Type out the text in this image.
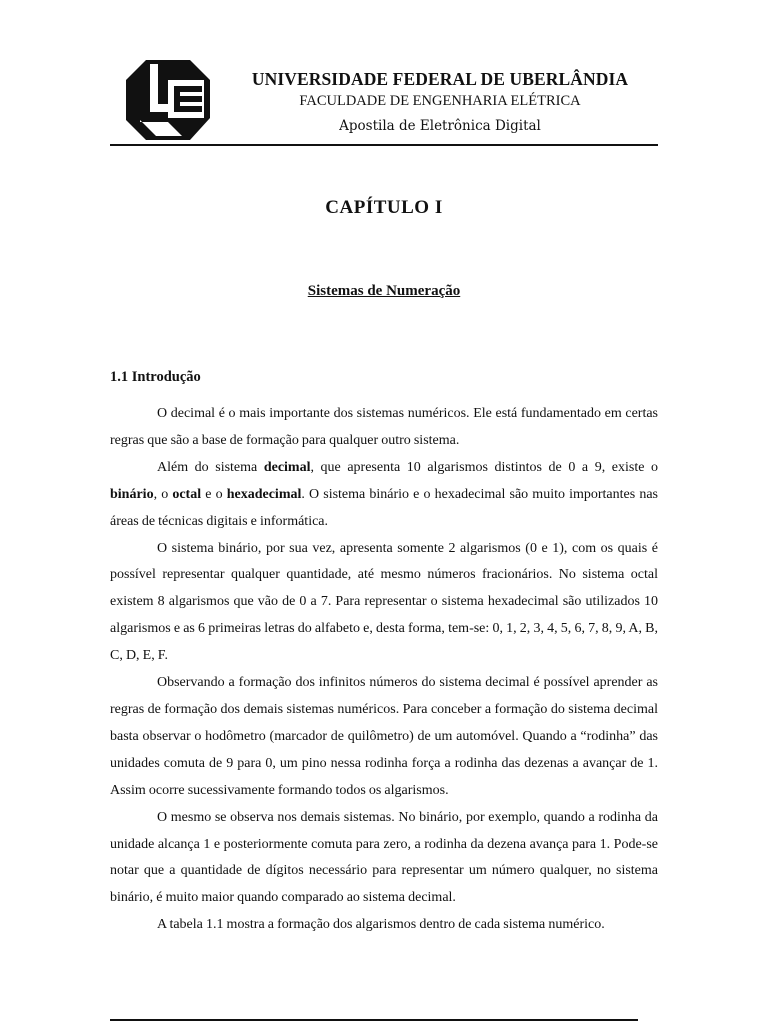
UNIVERSIDADE FEDERAL DE UBERLÂNDIA
FACULDADE DE ENGENHARIA ELÉTRICA
Apostila de Eletrônica Digital
CAPÍTULO I
Sistemas de Numeração
1.1 Introdução

O decimal é o mais importante dos sistemas numéricos. Ele está fundamentado em certas regras que são a base de formação para qualquer outro sistema.

Além do sistema decimal, que apresenta 10 algarismos distintos de 0 a 9, existe o binário, o octal e o hexadecimal. O sistema binário e o hexadecimal são muito importantes nas áreas de técnicas digitais e informática.

O sistema binário, por sua vez, apresenta somente 2 algarismos (0 e 1), com os quais é possível representar qualquer quantidade, até mesmo números fracionários. No sistema octal existem 8 algarismos que vão de 0 a 7. Para representar o sistema hexadecimal são utilizados 10 algarismos e as 6 primeiras letras do alfabeto e, desta forma, tem-se: 0, 1, 2, 3, 4, 5, 6, 7, 8, 9, A, B, C, D, E, F.

Observando a formação dos infinitos números do sistema decimal é possível aprender as regras de formação dos demais sistemas numéricos. Para conceber a formação do sistema decimal basta observar o hodômetro (marcador de quilômetro) de um automóvel. Quando a “rodinha” das unidades comuta de 9 para 0, um pino nessa rodinha força a rodinha das dezenas a avançar de 1. Assim ocorre sucessivamente formando todos os algarismos.

O mesmo se observa nos demais sistemas. No binário, por exemplo, quando a rodinha da unidade alcança 1 e posteriormente comuta para zero, a rodinha da dezena avança para 1. Pode-se notar que a quantidade de dígitos necessário para representar um número qualquer, no sistema binário, é muito maior quando comparado ao sistema decimal.

A tabela 1.1 mostra a formação dos algarismos dentro de cada sistema numérico.
